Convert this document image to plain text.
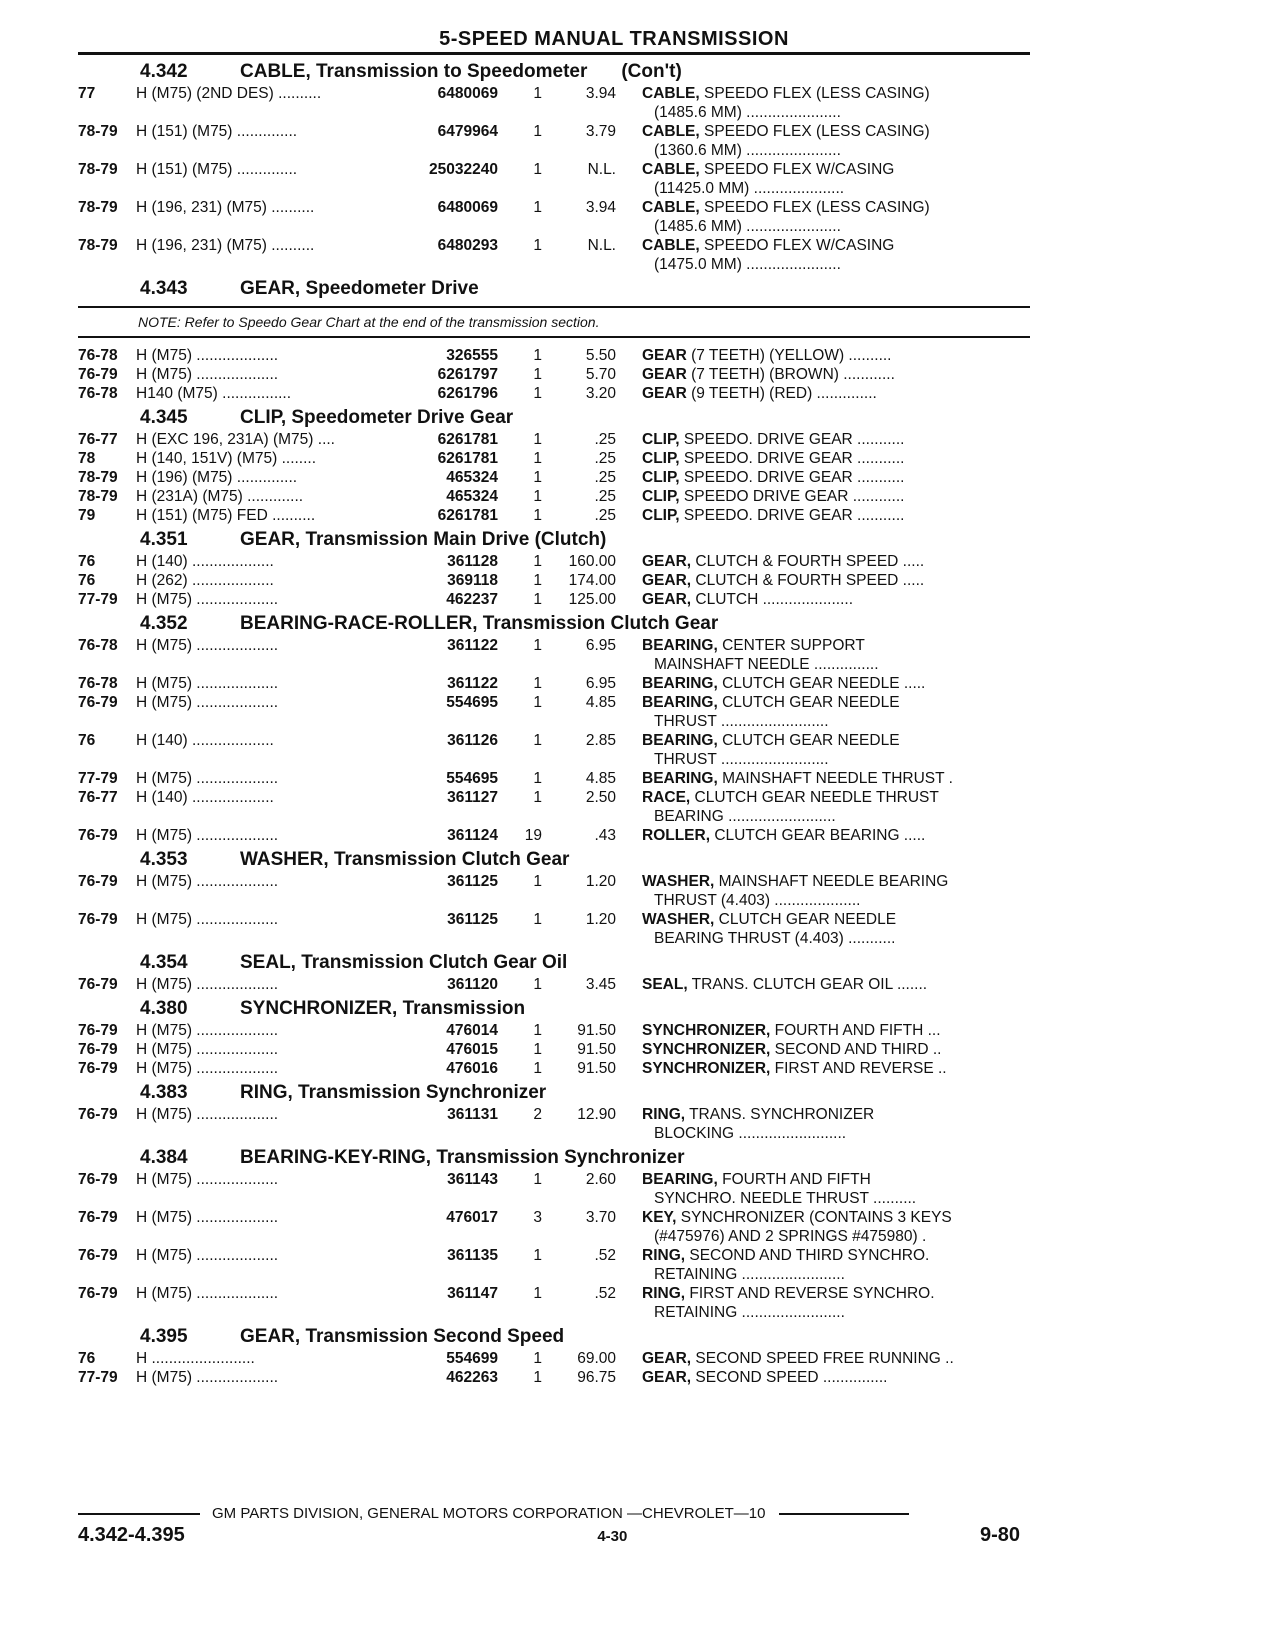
5-SPEED MANUAL TRANSMISSION
4.342	CABLE, Transmission to Speedometer (Con't)
77	H (M75) (2ND DES) ..........	6480069	1	3.94 CABLE, SPEEDO FLEX (LESS CASING)
(1485.6 MM) ......................
78-79	H (151) (M75) ..............	6479964	1	3.79 CABLE, SPEEDO FLEX (LESS CASING)
(1360.6 MM) ......................
78-79	H (151) (M75) ..............	25032240	1	N.L. CABLE, SPEEDO FLEX W/CASING
(11425.0 MM) .....................
78-79	H (196, 231) (M75) ..........	6480069	1	3.94 CABLE, SPEEDO FLEX (LESS CASING)
(1485.6 MM) ......................
78-79	H (196, 231) (M75) ..........	6480293	1	N.L. CABLE, SPEEDO FLEX W/CASING
(1475.0 MM) ......................
4.343	GEAR, Speedometer Drive
NOTE: Refer to Speedo Gear Chart at the end of the transmission section.
76-78	H (M75) ...................	326555	1	5.50 GEAR (7 TEETH) (YELLOW) ..........
76-79	H (M75) ...................	6261797	1	5.70 GEAR (7 TEETH) (BROWN) ............
76-78	H140 (M75) ................	6261796	1	3.20 GEAR (9 TEETH) (RED) ..............
4.345	CLIP, Speedometer Drive Gear
76-77	H (EXC 196, 231A) (M75) ....	6261781	1	.25 CLIP, SPEEDO. DRIVE GEAR ...........
78	H (140, 151V) (M75) ........	6261781	1	.25 CLIP, SPEEDO. DRIVE GEAR ...........
78-79	H (196) (M75) ..............	465324	1	.25 CLIP, SPEEDO. DRIVE GEAR ...........
78-79	H (231A) (M75) .............	465324	1	.25 CLIP, SPEEDO DRIVE GEAR ............
79	H (151) (M75) FED ..........	6261781	1	.25 CLIP, SPEEDO. DRIVE GEAR ...........
4.351	GEAR, Transmission Main Drive (Clutch)
76	H (140) ...................	361128	1	160.00 GEAR, CLUTCH & FOURTH SPEED .....
76	H (262) ...................	369118	1	174.00 GEAR, CLUTCH & FOURTH SPEED .....
77-79	H (M75) ...................	462237	1	125.00 GEAR, CLUTCH .....................
4.352	BEARING-RACE-ROLLER, Transmission Clutch Gear
76-78	H (M75) ...................	361122	1	6.95 BEARING, CENTER SUPPORT
MAINSHAFT NEEDLE ...............
76-78	H (M75) ...................	361122	1	6.95 BEARING, CLUTCH GEAR NEEDLE .....
76-79	H (M75) ...................	554695	1	4.85 BEARING, CLUTCH GEAR NEEDLE
THRUST .........................
76	H (140) ...................	361126	1	2.85 BEARING, CLUTCH GEAR NEEDLE
THRUST .........................
77-79	H (M75) ...................	554695	1	4.85 BEARING, MAINSHAFT NEEDLE THRUST .
76-77	H (140) ...................	361127	1	2.50 RACE, CLUTCH GEAR NEEDLE THRUST
BEARING .........................
76-79	H (M75) ...................	361124	19	.43 ROLLER, CLUTCH GEAR BEARING .....
4.353	WASHER, Transmission Clutch Gear
76-79	H (M75) ...................	361125	1	1.20 WASHER, MAINSHAFT NEEDLE BEARING
THRUST (4.403) ....................
76-79	H (M75) ...................	361125	1	1.20 WASHER, CLUTCH GEAR NEEDLE
BEARING THRUST (4.403) ...........
4.354	SEAL, Transmission Clutch Gear Oil
76-79	H (M75) ...................	361120	1	3.45 SEAL, TRANS. CLUTCH GEAR OIL .......
4.380	SYNCHRONIZER, Transmission
76-79	H (M75) ...................	476014	1	91.50 SYNCHRONIZER, FOURTH AND FIFTH ...
76-79	H (M75) ...................	476015	1	91.50 SYNCHRONIZER, SECOND AND THIRD ..
76-79	H (M75) ...................	476016	1	91.50 SYNCHRONIZER, FIRST AND REVERSE ..
4.383	RING, Transmission Synchronizer
76-79	H (M75) ...................	361131	2	12.90 RING, TRANS. SYNCHRONIZER
BLOCKING .........................
4.384	BEARING-KEY-RING, Transmission Synchronizer
76-79	H (M75) ...................	361143	1	2.60 BEARING, FOURTH AND FIFTH
SYNCHRO. NEEDLE THRUST ..........
76-79	H (M75) ...................	476017	3	3.70 KEY, SYNCHRONIZER (CONTAINS 3 KEYS
(#475976) AND 2 SPRINGS #475980) .
76-79	H (M75) ...................	361135	1	.52 RING, SECOND AND THIRD SYNCHRO.
RETAINING ........................
76-79	H (M75) ...................	361147	1	.52 RING, FIRST AND REVERSE SYNCHRO.
RETAINING ........................
4.395	GEAR, Transmission Second Speed
76	H ........................	554699	1	69.00 GEAR, SECOND SPEED FREE RUNNING ..
77-79	H (M75) ...................	462263	1	96.75 GEAR, SECOND SPEED ...............
GM PARTS DIVISION, GENERAL MOTORS CORPORATION —CHEVROLET—10
4.342-4.395	4-30	9-80
